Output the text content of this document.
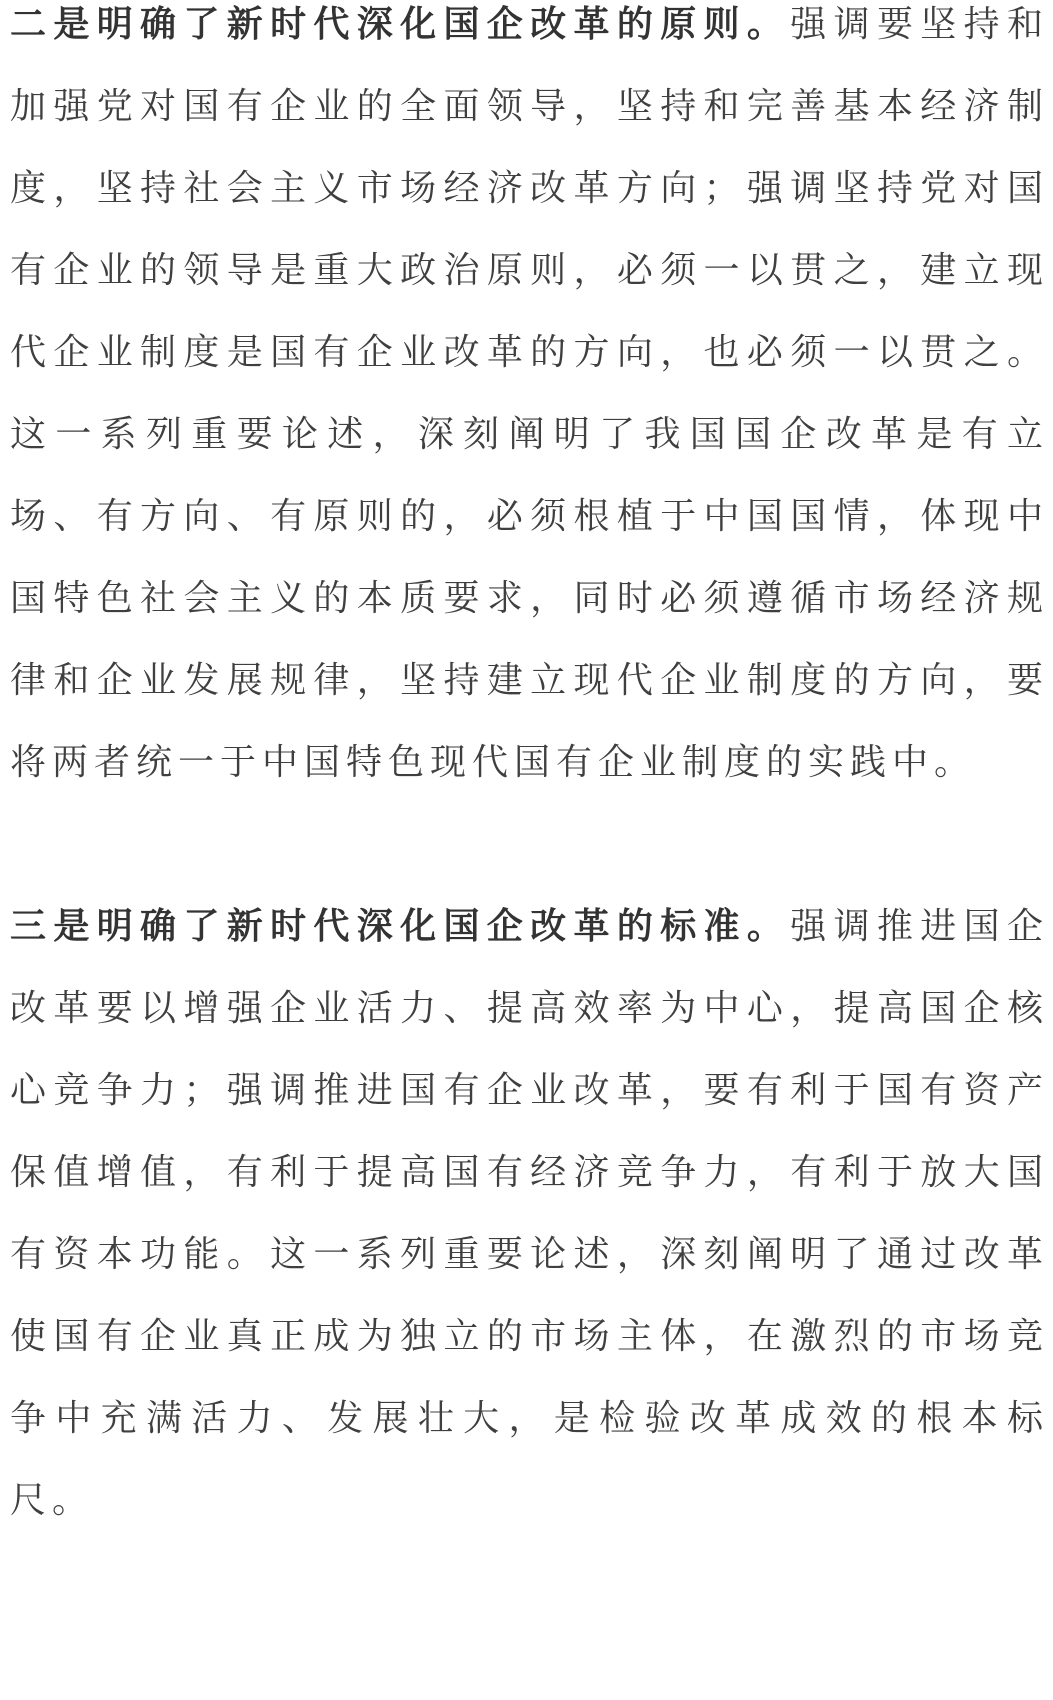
二是明确了新时代深化国企改革的原则。强调要坚持和加强党对国有企业的全面领导，坚持和完善基本经济制度，坚持社会主义市场经济改革方向；强调坚持党对国有企业的领导是重大政治原则，必须一以贯之，建立现代企业制度是国有企业改革的方向，也必须一以贯之。这一系列重要论述，深刻阐明了我国国企改革是有立场、有方向、有原则的，必须根植于中国国情，体现中国特色社会主义的本质要求，同时必须遵循市场经济规律和企业发展规律，坚持建立现代企业制度的方向，要将两者统一于中国特色现代国有企业制度的实践中。

三是明确了新时代深化国企改革的标准。强调推进国企改革要以增强企业活力、提高效率为中心，提高国企核心竞争力；强调推进国有企业改革，要有利于国有资产保值增值，有利于提高国有经济竞争力，有利于放大国有资本功能。这一系列重要论述，深刻阐明了通过改革使国有企业真正成为独立的市场主体，在激烈的市场竞争中充满活力、发展壮大，是检验改革成效的根本标尺。
